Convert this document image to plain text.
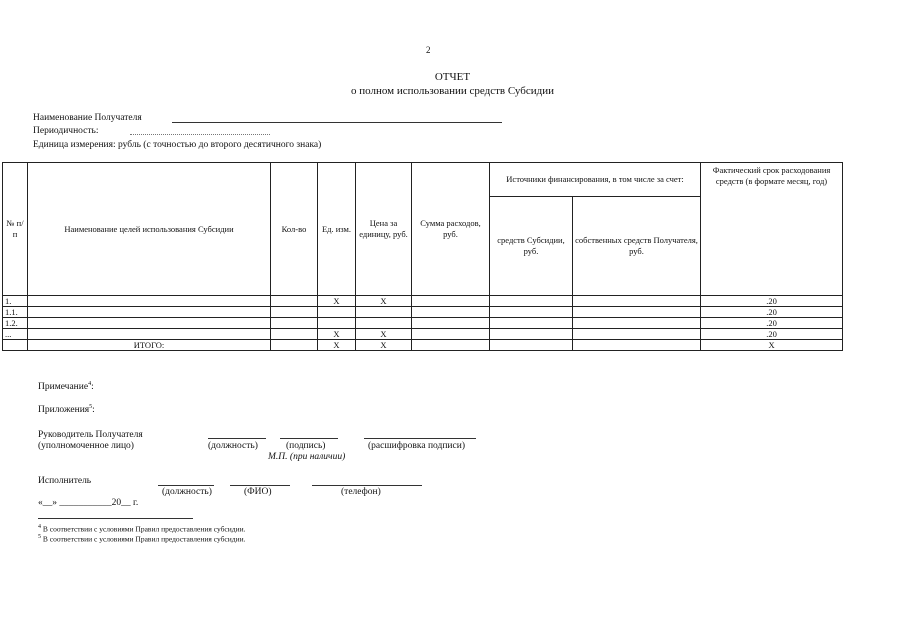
2
ОТЧЕТ
о полном использовании средств Субсидии
Наименование Получателя
Периодичность:
Единица измерения: рубль (с точностью до второго десятичного знака)
№ п/п	Наименование целей использования Субсидии	Кол-во	Ед. изм.	Цена за единицу, руб.	Сумма расходов, руб.	Источники финансирования, в том числе за счет:		Фактический срок расходования средств (в формате месяц, год)
						средств Субсидии, руб.	собственных средств Получателя, руб.	
1.			X	X				.20
1.1.								.20
1.2.								.20
...			X	X				.20
	ИТОГО:		X	X				X
Примечание$^4$:
Приложения$^5$:
Руководитель Получателя
(уполномоченное лицо)	(должность)	(подпись)	(расшифровка подписи)
М.П. (при наличии)
Исполнитель
(должность)	(ФИО)	(телефон)
«__» ___________20__ г.
$^4$ В соответствии с условиями Правил предоставления субсидии.
$^5$ В соответствии с условиями Правил предоставления субсидии.
